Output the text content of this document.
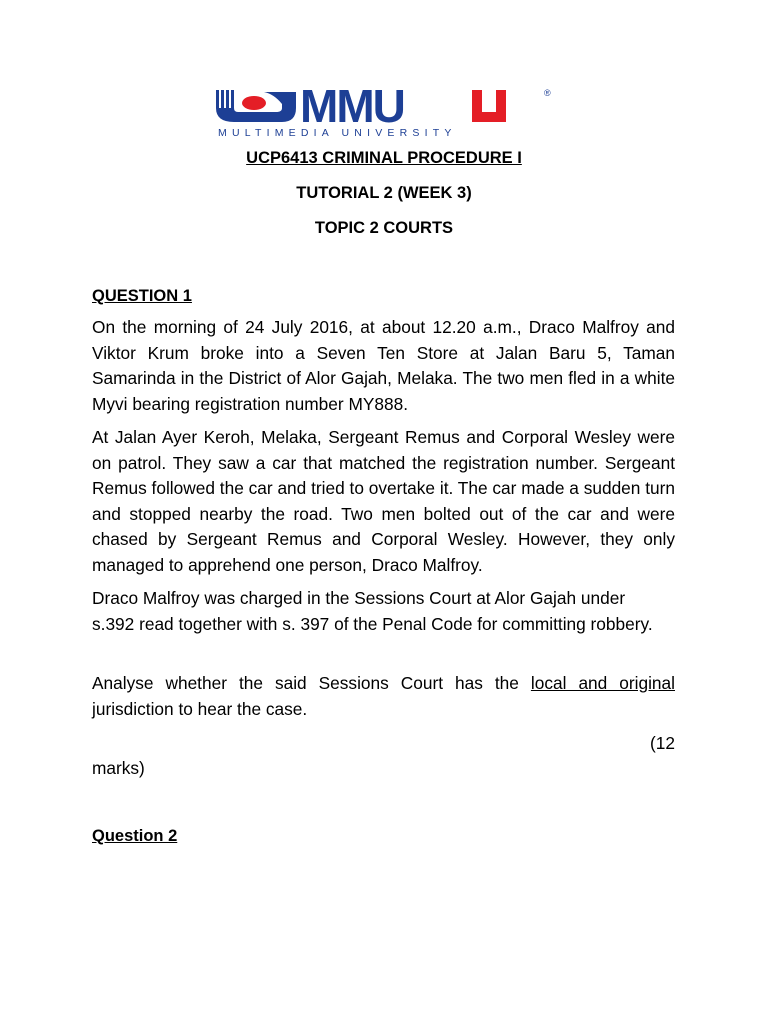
MMU	®
MULTIMEDIA UNIVERSITY
UCP6413 CRIMINAL PROCEDURE I
TUTORIAL 2 (WEEK 3)
TOPIC 2 COURTS
QUESTION 1

On the morning of 24 July 2016, at about 12.20 a.m., Draco Malfroy and Viktor Krum broke into a Seven Ten Store at Jalan Baru 5, Taman Samarinda in the District of Alor Gajah, Melaka. The two men fled in a white Myvi bearing registration number MY888.

At Jalan Ayer Keroh, Melaka, Sergeant Remus and Corporal Wesley were on patrol. They saw a car that matched the registration number. Sergeant Remus followed the car and tried to overtake it. The car made a sudden turn and stopped nearby the road. Two men bolted out of the car and were chased by Sergeant Remus and Corporal Wesley. However, they only managed to apprehend one person, Draco Malfroy.

Draco Malfroy was charged in the Sessions Court at Alor Gajah under
s.392 read together with s. 397 of the Penal Code for committing robbery.

Analyse whether the said Sessions Court has the local and original jurisdiction to hear the case.

(12
marks)
Question 2
